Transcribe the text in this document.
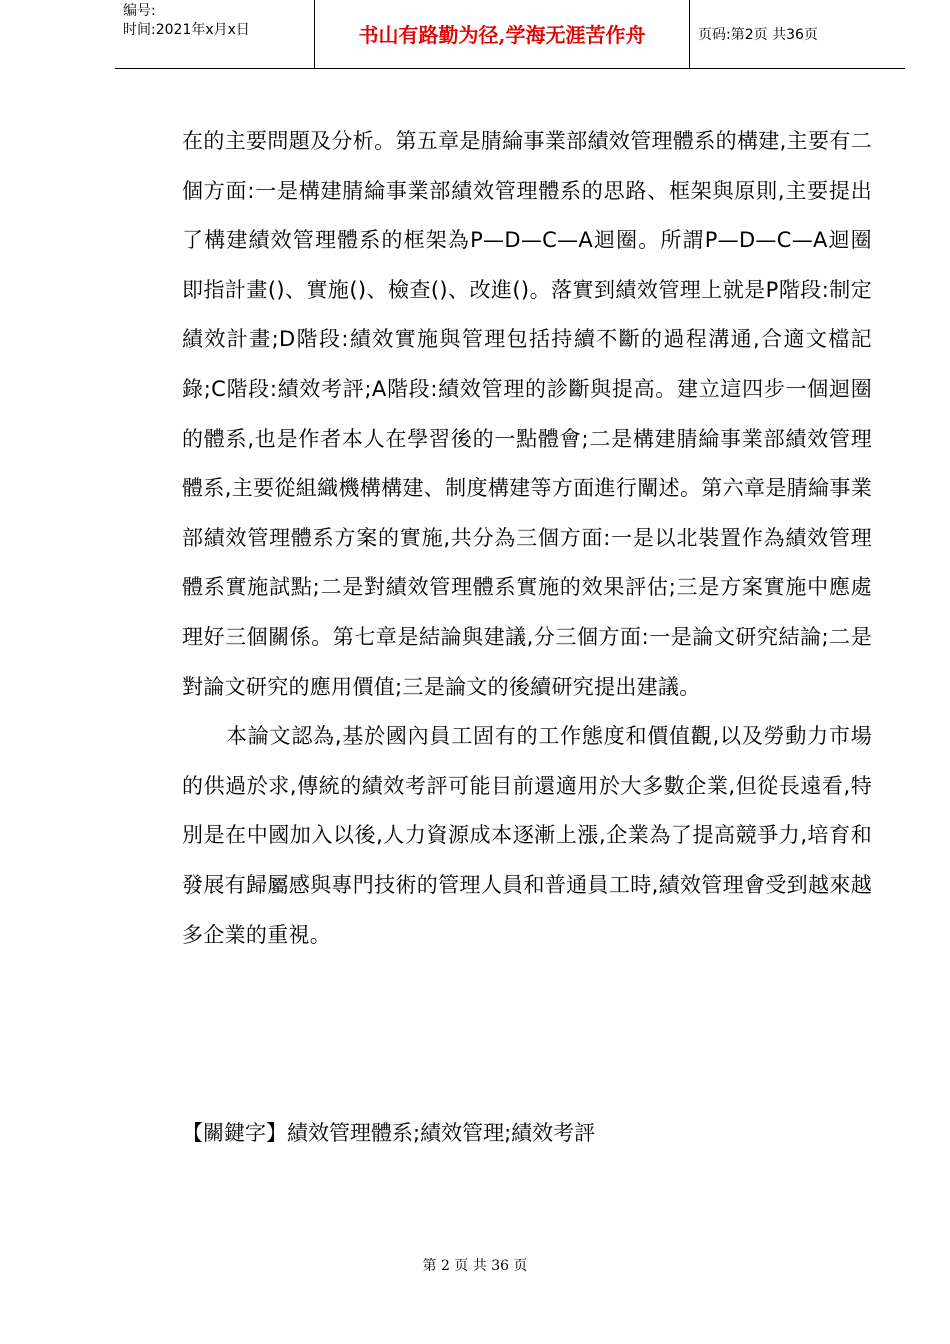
编号:
时间:2021年x月x日	书山有路勤为径,学海无涯苦作舟	页码:第2页 共36页

在的主要問題及分析。第五章是腈綸事業部績效管理體系的構建,主要有二個方面:一是構建腈綸事業部績效管理體系的思路、框架與原則,主要提出了構建績效管理體系的框架為P—D—C—A迴圈。所謂P—D—C—A迴圈即指計畫()、實施()、檢查()、改進()。落實到績效管理上就是P階段:制定績效計畫;D階段:績效實施與管理包括持續不斷的過程溝通,合適文檔記錄;C階段:績效考評;A階段:績效管理的診斷與提高。建立這四步一個迴圈的體系,也是作者本人在學習後的一點體會;二是構建腈綸事業部績效管理體系,主要從組織機構構建、制度構建等方面進行闡述。第六章是腈綸事業部績效管理體系方案的實施,共分為三個方面:一是以北裝置作為績效管理體系實施試點;二是對績效管理體系實施的效果評估;三是方案實施中應處理好三個關係。第七章是結論與建議,分三個方面:一是論文研究結論;二是對論文研究的應用價值;三是論文的後續研究提出建議。

本論文認為,基於國內員工固有的工作態度和價值觀,以及勞動力市場的供過於求,傳統的績效考評可能目前還適用於大多數企業,但從長遠看,特別是在中國加入以後,人力資源成本逐漸上漲,企業為了提高競爭力,培育和發展有歸屬感與專門技術的管理人員和普通員工時,績效管理會受到越來越多企業的重視。

【關鍵字】績效管理體系;績效管理;績效考評
第 2 页 共 36 页
